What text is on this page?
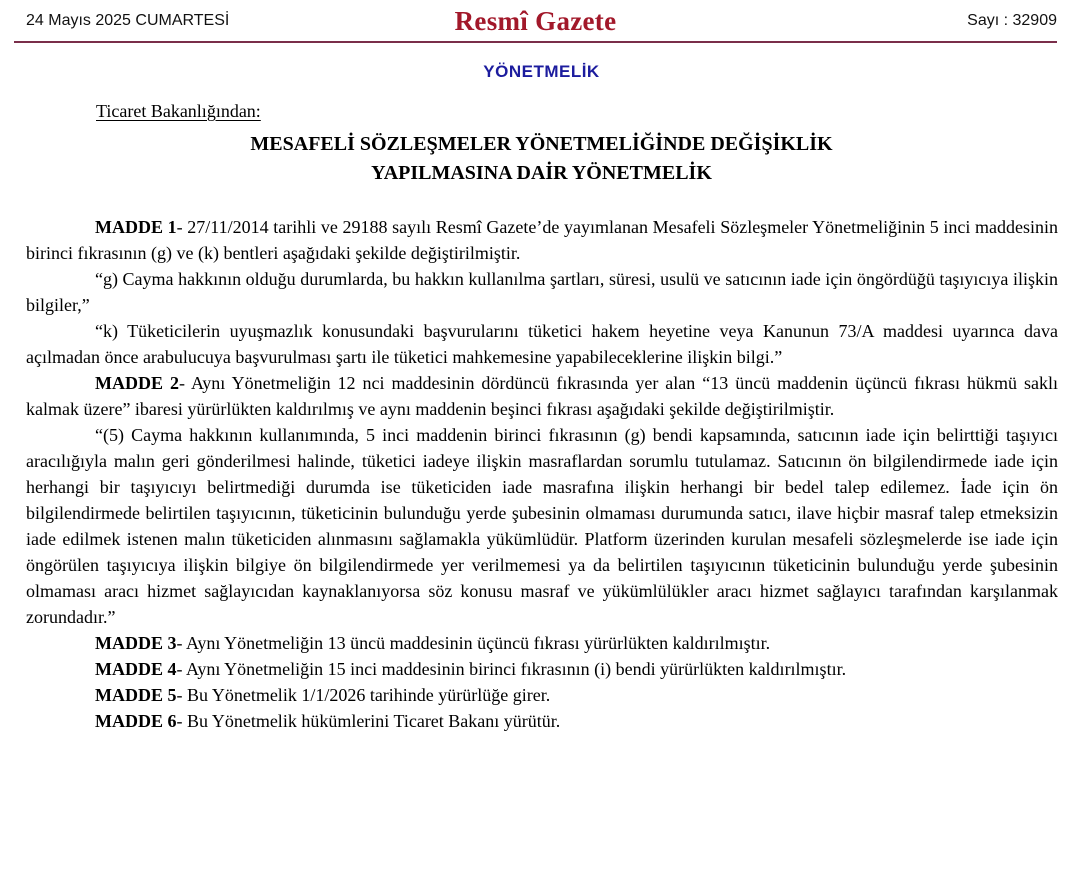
24 Mayıs 2025 CUMARTESİ	Resmî Gazete	Sayı : 32909
YÖNETMELİK
Ticaret Bakanlığından:
MESAFELİ SÖZLEŞMELER YÖNETMELİĞİNDE DEĞİŞİKLİK
YAPILMASINA DAİR YÖNETMELİK

MADDE 1- 27/11/2014 tarihli ve 29188 sayılı Resmî Gazete’de yayımlanan Mesafeli Sözleşmeler Yönetmeliğinin 5 inci maddesinin birinci fıkrasının (g) ve (k) bentleri aşağıdaki şekilde değiştirilmiştir.

“g) Cayma hakkının olduğu durumlarda, bu hakkın kullanılma şartları, süresi, usulü ve satıcının iade için öngördüğü taşıyıcıya ilişkin bilgiler,”

“k) Tüketicilerin uyuşmazlık konusundaki başvurularını tüketici hakem heyetine veya Kanunun 73/A maddesi uyarınca dava açılmadan önce arabulucuya başvurulması şartı ile tüketici mahkemesine yapabileceklerine ilişkin bilgi.”

MADDE 2- Aynı Yönetmeliğin 12 nci maddesinin dördüncü fıkrasında yer alan “13 üncü maddenin üçüncü fıkrası hükmü saklı kalmak üzere” ibaresi yürürlükten kaldırılmış ve aynı maddenin beşinci fıkrası aşağıdaki şekilde değiştirilmiştir.

“(5) Cayma hakkının kullanımında, 5 inci maddenin birinci fıkrasının (g) bendi kapsamında, satıcının iade için belirttiği taşıyıcı aracılığıyla malın geri gönderilmesi halinde, tüketici iadeye ilişkin masraflardan sorumlu tutulamaz. Satıcının ön bilgilendirmede iade için herhangi bir taşıyıcıyı belirtmediği durumda ise tüketiciden iade masrafına ilişkin herhangi bir bedel talep edilemez. İade için ön bilgilendirmede belirtilen taşıyıcının, tüketicinin bulunduğu yerde şubesinin olmaması durumunda satıcı, ilave hiçbir masraf talep etmeksizin iade edilmek istenen malın tüketiciden alınmasını sağlamakla yükümlüdür. Platform üzerinden kurulan mesafeli sözleşmelerde ise iade için öngörülen taşıyıcıya ilişkin bilgiye ön bilgilendirmede yer verilmemesi ya da belirtilen taşıyıcının tüketicinin bulunduğu yerde şubesinin olmaması aracı hizmet sağlayıcıdan kaynaklanıyorsa söz konusu masraf ve yükümlülükler aracı hizmet sağlayıcı tarafından karşılanmak zorundadır.”

MADDE 3- Aynı Yönetmeliğin 13 üncü maddesinin üçüncü fıkrası yürürlükten kaldırılmıştır.

MADDE 4- Aynı Yönetmeliğin 15 inci maddesinin birinci fıkrasının (i) bendi yürürlükten kaldırılmıştır.

MADDE 5- Bu Yönetmelik 1/1/2026 tarihinde yürürlüğe girer.

MADDE 6- Bu Yönetmelik hükümlerini Ticaret Bakanı yürütür.
